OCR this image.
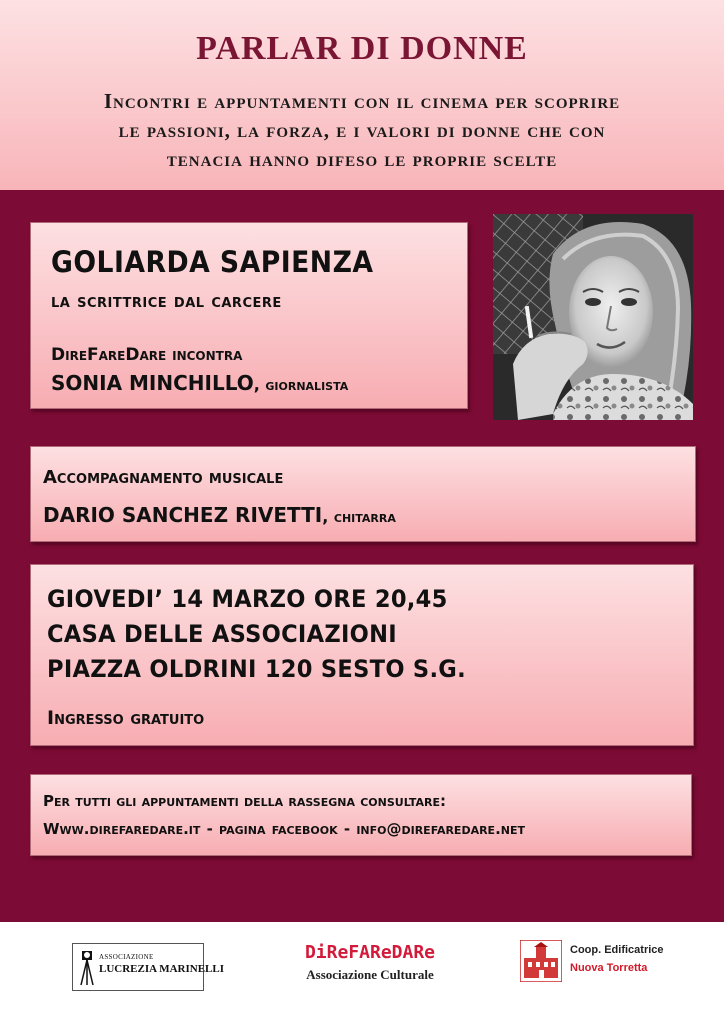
PARLAR DI DONNE
Incontri e appuntamenti con il cinema per scoprire
le passioni, la forza, e i valori di donne che con
tenacia hanno difeso le proprie scelte
GOLIARDA SAPIENZA
la scrittrice dal carcere
DireFareDare incontra
SONIA MINCHILLO, giornalista
Accompagnamento musicale
DARIO SANCHEZ RIVETTI, chitarra
GIOVEDI’ 14 MARZO ORE 20,45
CASA DELLE ASSOCIAZIONI
PIAZZA OLDRINI 120 SESTO S.G.
Ingresso gratuito
Per tutti gli appuntamenti della rassegna consultare:
Www.direfaredare.it - pagina facebook - info@direfaredare.net
ASSOCIAZIONE
LUCREZIA MARINELLI
DiReFAReDARe
Associazione Culturale
Coop. Edificatrice
Nuova Torretta
